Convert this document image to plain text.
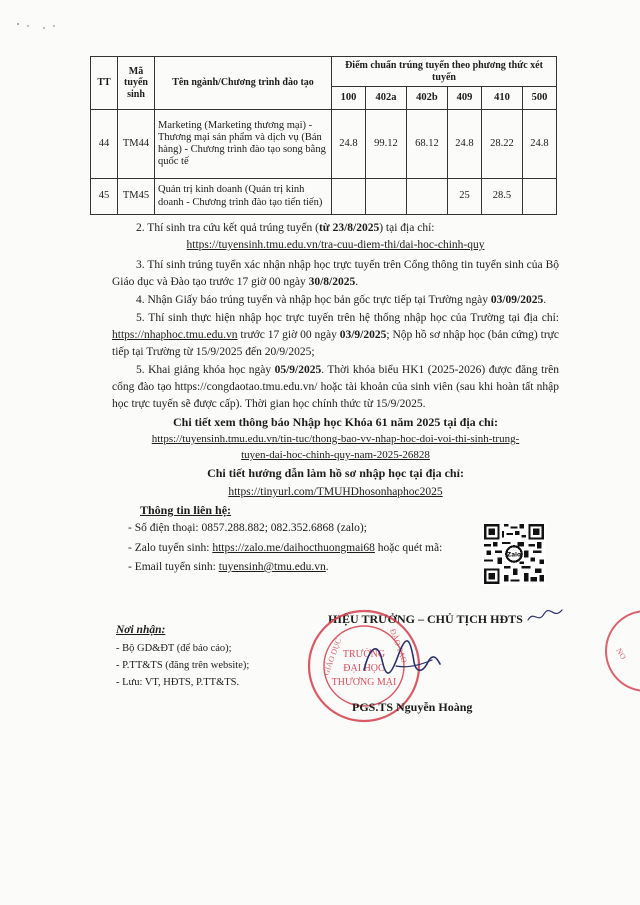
TT	Mã tuyển sinh	Tên ngành/Chương trình đào tạo	Điểm chuẩn trúng tuyển theo phương thức xét tuyển					
			100	402a	402b	409	410	500
44	TM44	Marketing (Marketing thương mại) - Thương mại sản phẩm và dịch vụ (Bán hàng) - Chương trình đào tạo song bằng quốc tế	24.8	99.12	68.12	24.8	28.22	24.8
45	TM45	Quản trị kinh doanh (Quản trị kinh doanh - Chương trình đào tạo tiến tiến)				25	28.5	

2. Thí sinh tra cứu kết quả trúng tuyển (từ 23/8/2025) tại địa chỉ:

https://tuyensinh.tmu.edu.vn/tra-cuu-diem-thi/dai-hoc-chinh-quy

3. Thí sinh trúng tuyển xác nhận nhập học trực tuyến trên Cổng thông tin tuyển sinh của Bộ Giáo dục và Đào tạo trước 17 giờ 00 ngày 30/8/2025.

4. Nhận Giấy báo trúng tuyển và nhập học bản gốc trực tiếp tại Trường ngày 03/09/2025.

5. Thí sinh thực hiện nhập học trực tuyến trên hệ thống nhập học của Trường tại địa chỉ: https://nhaphoc.tmu.edu.vn trước 17 giờ 00 ngày 03/9/2025; Nộp hồ sơ nhập học (bản cứng) trực tiếp tại Trường từ 15/9/2025 đến 20/9/2025;

5. Khai giảng khóa học ngày 05/9/2025. Thời khóa biểu HK1 (2025-2026) được đăng trên cổng đào tạo https://congdaotao.tmu.edu.vn/ hoặc tài khoản của sinh viên (sau khi hoàn tất nhập học trực tuyến sẽ được cấp). Thời gian học chính thức từ 15/9/2025.

Chi tiết xem thông báo Nhập học Khóa 61 năm 2025 tại địa chỉ:

https://tuyensinh.tmu.edu.vn/tin-tuc/thong-bao-vv-nhap-hoc-doi-voi-thi-sinh-trung-

tuyen-dai-hoc-chinh-quy-nam-2025-26828

Chi tiết hướng dẫn làm hồ sơ nhập học tại địa chỉ:

https://tinyurl.com/TMUHDhosonhaphoc2025

Thông tin liên hệ:

- Số điện thoại: 0857.288.882; 082.352.6868 (zalo);

- Zalo tuyển sinh: https://zalo.me/daihocthuongmai68 hoặc quét mã:

- Email tuyển sinh: tuyensinh@tmu.edu.vn.

Zalo

Nơi nhận:

- Bộ GD&ĐT (để báo cáo);
- P.TT&TS (đăng trên website);
- Lưu: VT, HĐTS, P.TT&TS.

HIỆU TRƯỞNG – CHỦ TỊCH HĐTS

TRƯỜNG
ĐẠI HỌC
THƯƠNG MẠI
GIÁO DỤC	ĐÀO TẠO	NO

PGS.TS Nguyễn Hoàng
